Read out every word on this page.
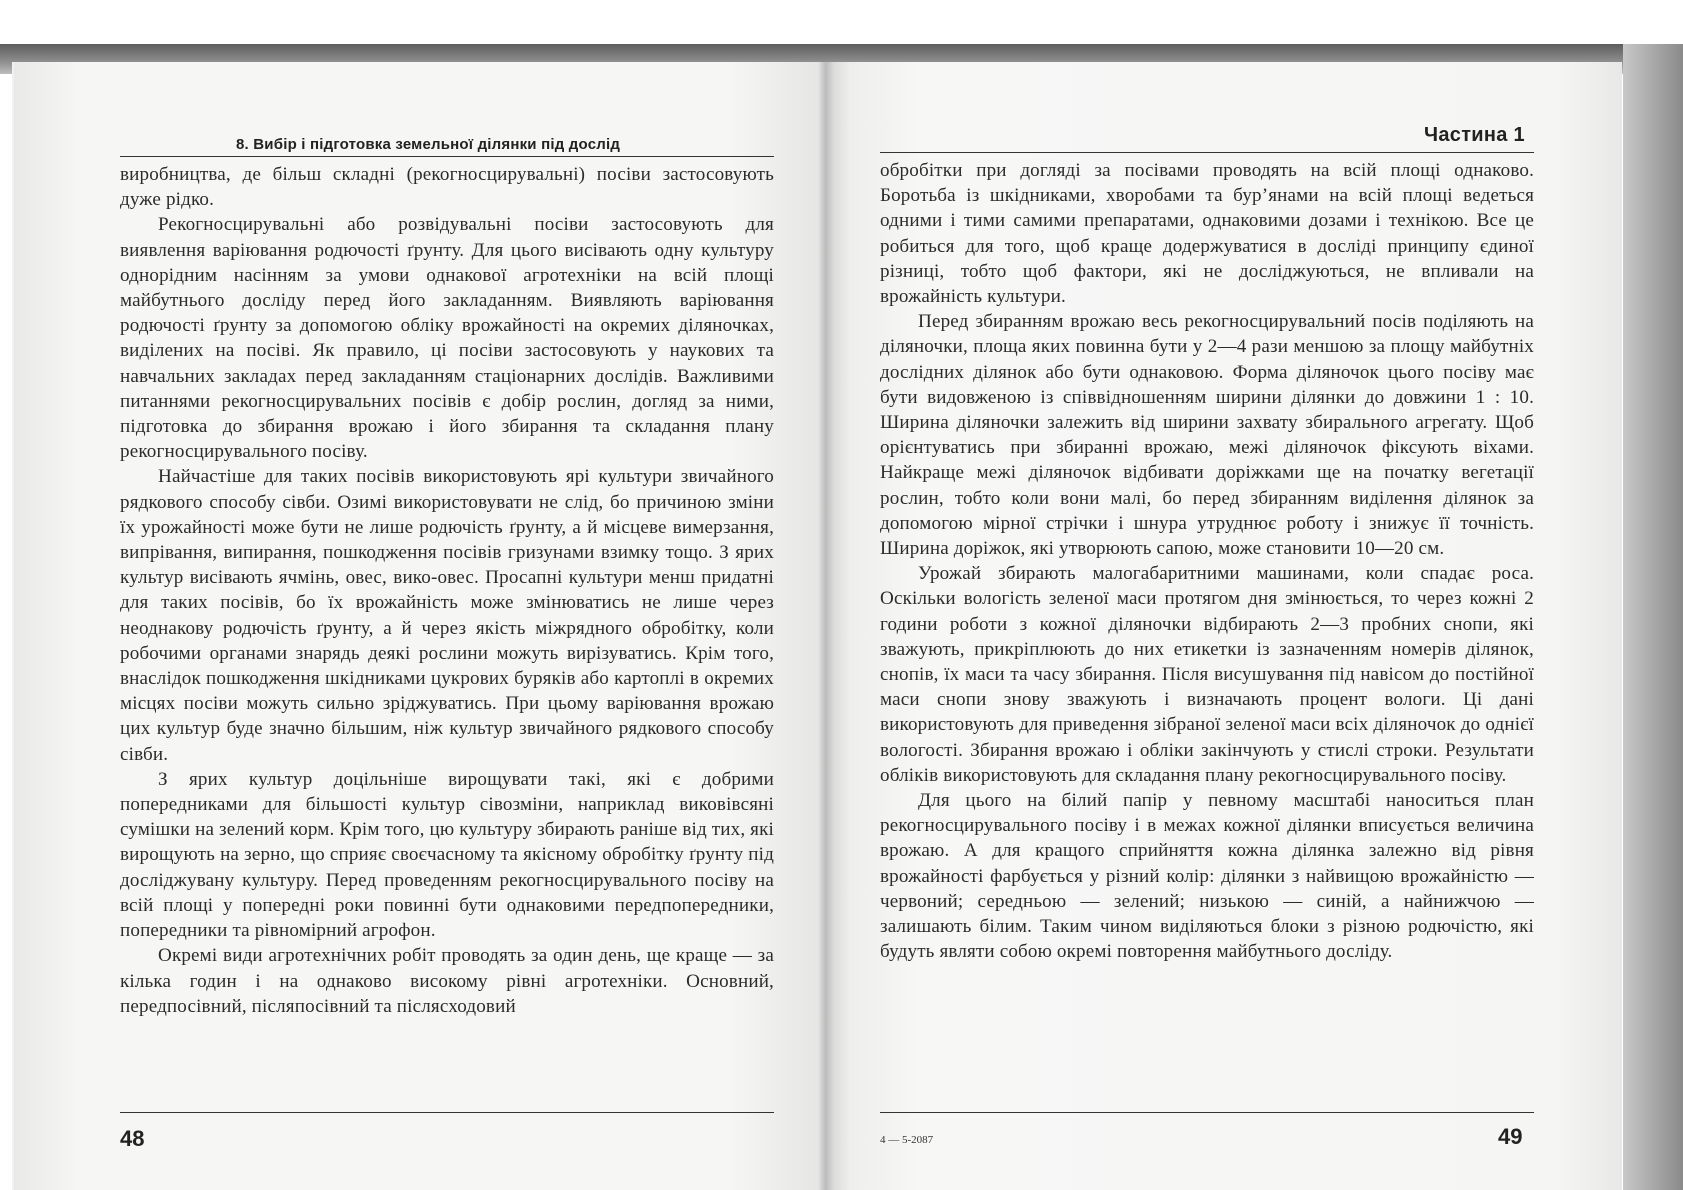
8. Вибір і підготовка земельної ділянки під дослід

виробництва, де більш складні (рекогносцирувальні) посіви застосовують дуже рідко.

Рекогносцирувальні або розвідувальні посіви застосовують для виявлення варіювання родючості ґрунту. Для цього висівають одну культуру однорідним насінням за умови однакової агротехніки на всій площі майбутнього досліду перед його закладанням. Виявляють варіювання родючості ґрунту за допомогою обліку врожайності на окремих діляночках, виділених на посіві. Як правило, ці посіви застосовують у наукових та навчальних закладах перед закладанням стаціонарних дослідів. Важливими питаннями рекогносцирувальних посівів є добір рослин, догляд за ними, підготовка до збирання врожаю і його збирання та складання плану рекогносцирувального посіву.

Найчастіше для таких посівів використовують ярі культури звичайного рядкового способу сівби. Озимі використовувати не слід, бо причиною зміни їх урожайності може бути не лише родючість ґрунту, а й місцеве вимерзання, випрівання, випирання, пошкодження посівів гризунами взимку тощо. З ярих культур висівають ячмінь, овес, вико-овес. Просапні культури менш придатні для таких посівів, бо їх врожайність може змінюватись не лише через неоднакову родючість ґрунту, а й через якість міжрядного обробітку, коли робочими органами знарядь деякі рослини можуть вирізуватись. Крім того, внаслідок пошкодження шкідниками цукрових буряків або картоплі в окремих місцях посіви можуть сильно зріджуватись. При цьому варіювання врожаю цих культур буде значно більшим, ніж культур звичайного рядкового способу сівби.

З ярих культур доцільніше вирощувати такі, які є добрими попередниками для більшості культур сівозміни, наприклад виковівсяні сумішки на зелений корм. Крім того, цю культуру збирають раніше від тих, які вирощують на зерно, що сприяє своєчасному та якісному обробітку ґрунту під досліджувану культуру. Перед проведенням рекогносцирувального посіву на всій площі у попередні роки повинні бути однаковими передпопередники, попередники та рівномірний агрофон.

Окремі види агротехнічних робіт проводять за один день, ще краще — за кілька годин і на однаково високому рівні агротехніки. Основний, передпосівний, післяпосівний та післясходовий

48
Частина 1

обробітки при догляді за посівами проводять на всій площі однаково. Боротьба із шкідниками, хворобами та бур’янами на всій площі ведеться одними і тими самими препаратами, однаковими дозами і технікою. Все це робиться для того, щоб краще додержуватися в досліді принципу єдиної різниці, тобто щоб фактори, які не досліджуються, не впливали на врожайність культури.

Перед збиранням врожаю весь рекогносцирувальний посів поділяють на діляночки, площа яких повинна бути у 2—4 рази меншою за площу майбутніх дослідних ділянок або бути однаковою. Форма діляночок цього посіву має бути видовженою із співвідношенням ширини ділянки до довжини 1 : 10. Ширина діляночки залежить від ширини захвату збирального агрегату. Щоб орієнтуватись при збиранні врожаю, межі діляночок фіксують віхами. Найкраще межі діляночок відбивати доріжками ще на початку вегетації рослин, тобто коли вони малі, бо перед збиранням виділення ділянок за допомогою мірної стрічки і шнура утруднює роботу і знижує її точність. Ширина доріжок, які утворюють сапою, може становити 10—20 см.

Урожай збирають малогабаритними машинами, коли спадає роса. Оскільки вологість зеленої маси протягом дня змінюється, то через кожні 2 години роботи з кожної діляночки відбирають 2—3 пробних снопи, які зважують, прикріплюють до них етикетки із зазначенням номерів ділянок, снопів, їх маси та часу збирання. Після висушування під навісом до постійної маси снопи знову зважують і визначають процент вологи. Ці дані використовують для приведення зібраної зеленої маси всіх діляночок до однієї вологості. Збирання врожаю і обліки закінчують у стислі строки. Результати обліків використовують для складання плану рекогносцирувального посіву.

Для цього на білий папір у певному масштабі наноситься план рекогносцирувального посіву і в межах кожної ділянки вписується величина врожаю. А для кращого сприйняття кожна ділянка залежно від рівня врожайності фарбується у різний колір: ділянки з найвищою врожайністю — червоний; середньою — зелений; низькою — синій, а найнижчою — залишають білим. Таким чином виділяються блоки з різною родючістю, які будуть являти собою окремі повторення майбутнього досліду.

4 — 5-2087	49
